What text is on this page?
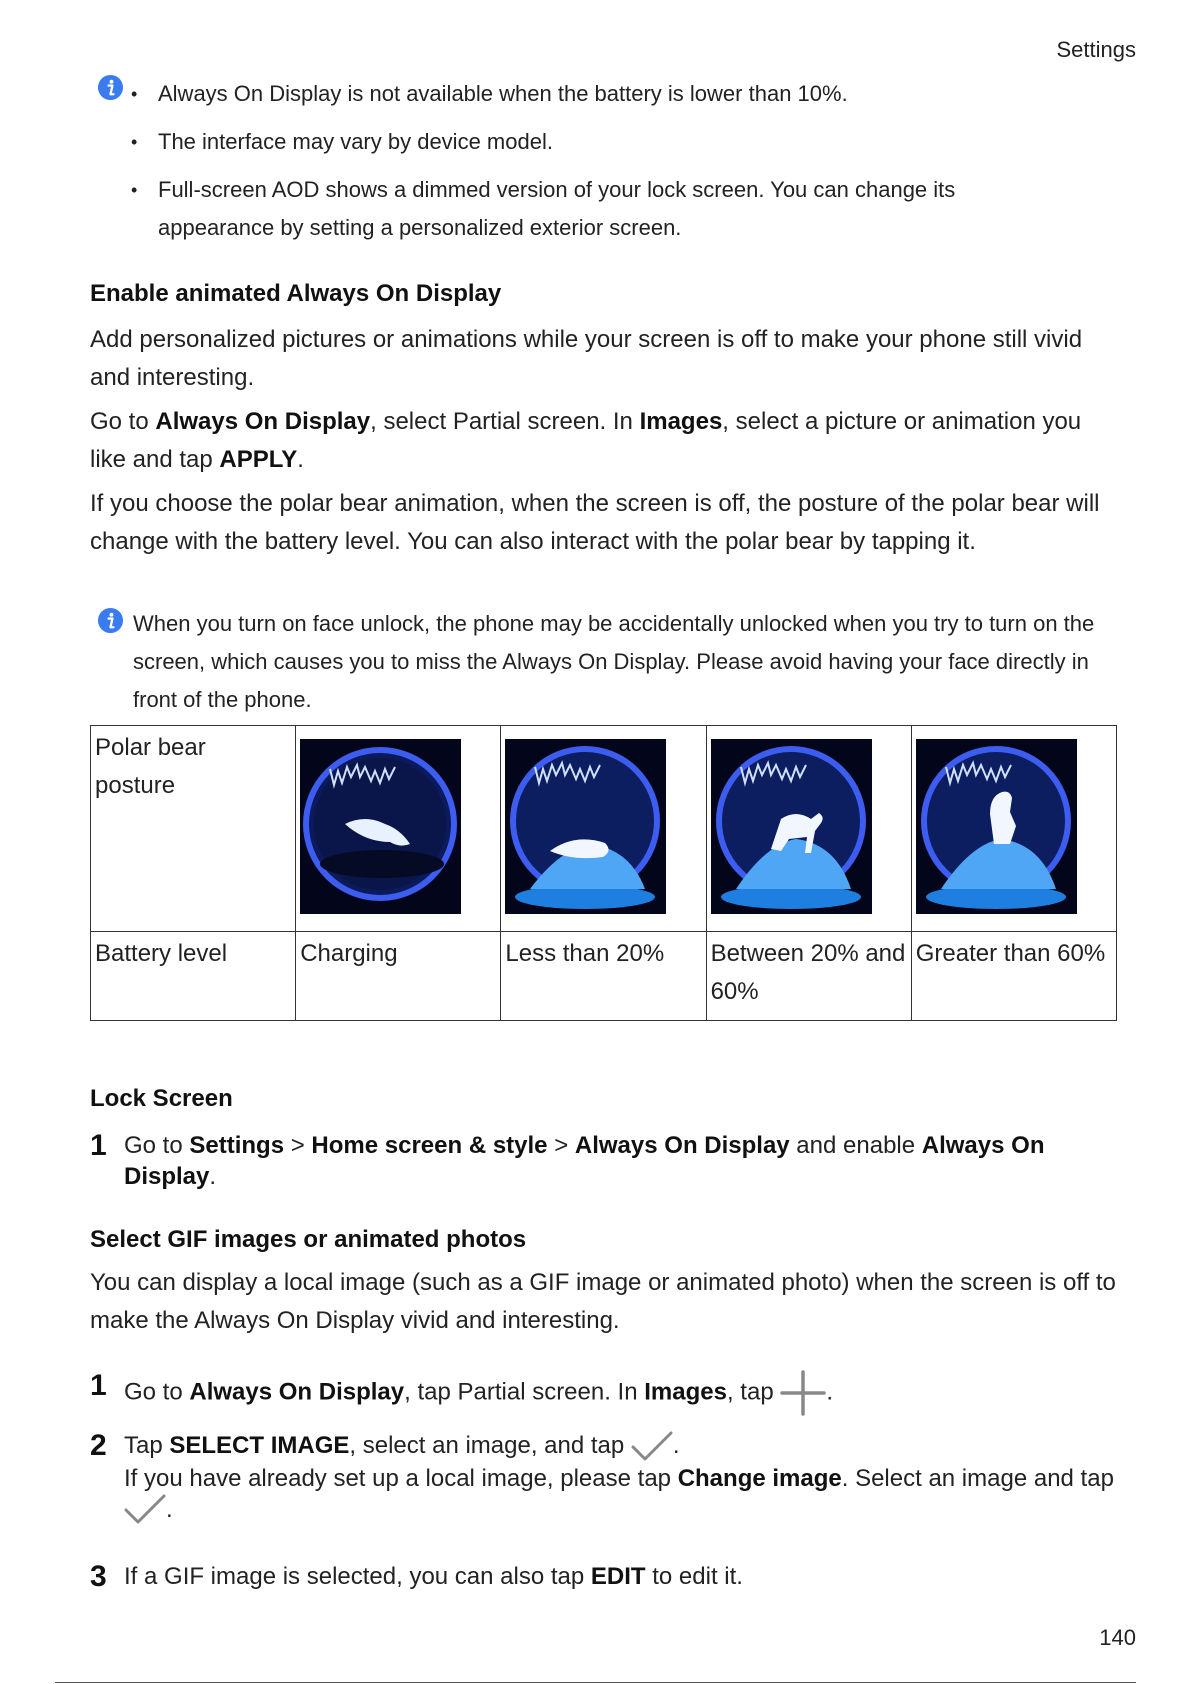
Settings
• Always On Display is not available when the battery is lower than 10%.
• The interface may vary by device model.
• Full-screen AOD shows a dimmed version of your lock screen. You can change its appearance by setting a personalized exterior screen.
Enable animated Always On Display
Add personalized pictures or animations while your screen is off to make your phone still vivid and interesting.
Go to Always On Display, select Partial screen. In Images, select a picture or animation you like and tap APPLY.
If you choose the polar bear animation, when the screen is off, the posture of the polar bear will change with the battery level. You can also interact with the polar bear by tapping it.
When you turn on face unlock, the phone may be accidentally unlocked when you try to turn on the screen, which causes you to miss the Always On Display. Please avoid having your face directly in front of the phone.
Polar bear posture	

Battery level	Charging	Less than 20%	Between 20% and 60%	Greater than 60%
Lock Screen
1 Go to Settings > Home screen & style > Always On Display and enable Always On Display.
Select GIF images or animated photos
You can display a local image (such as a GIF image or animated photo) when the screen is off to make the Always On Display vivid and interesting.
1 Go to Always On Display, tap Partial screen. In Images, tap .
2 Tap SELECT IMAGE, select an image, and tap .
If you have already set up a local image, please tap Change image. Select an image and tap .
3 If a GIF image is selected, you can also tap EDIT to edit it.
140
